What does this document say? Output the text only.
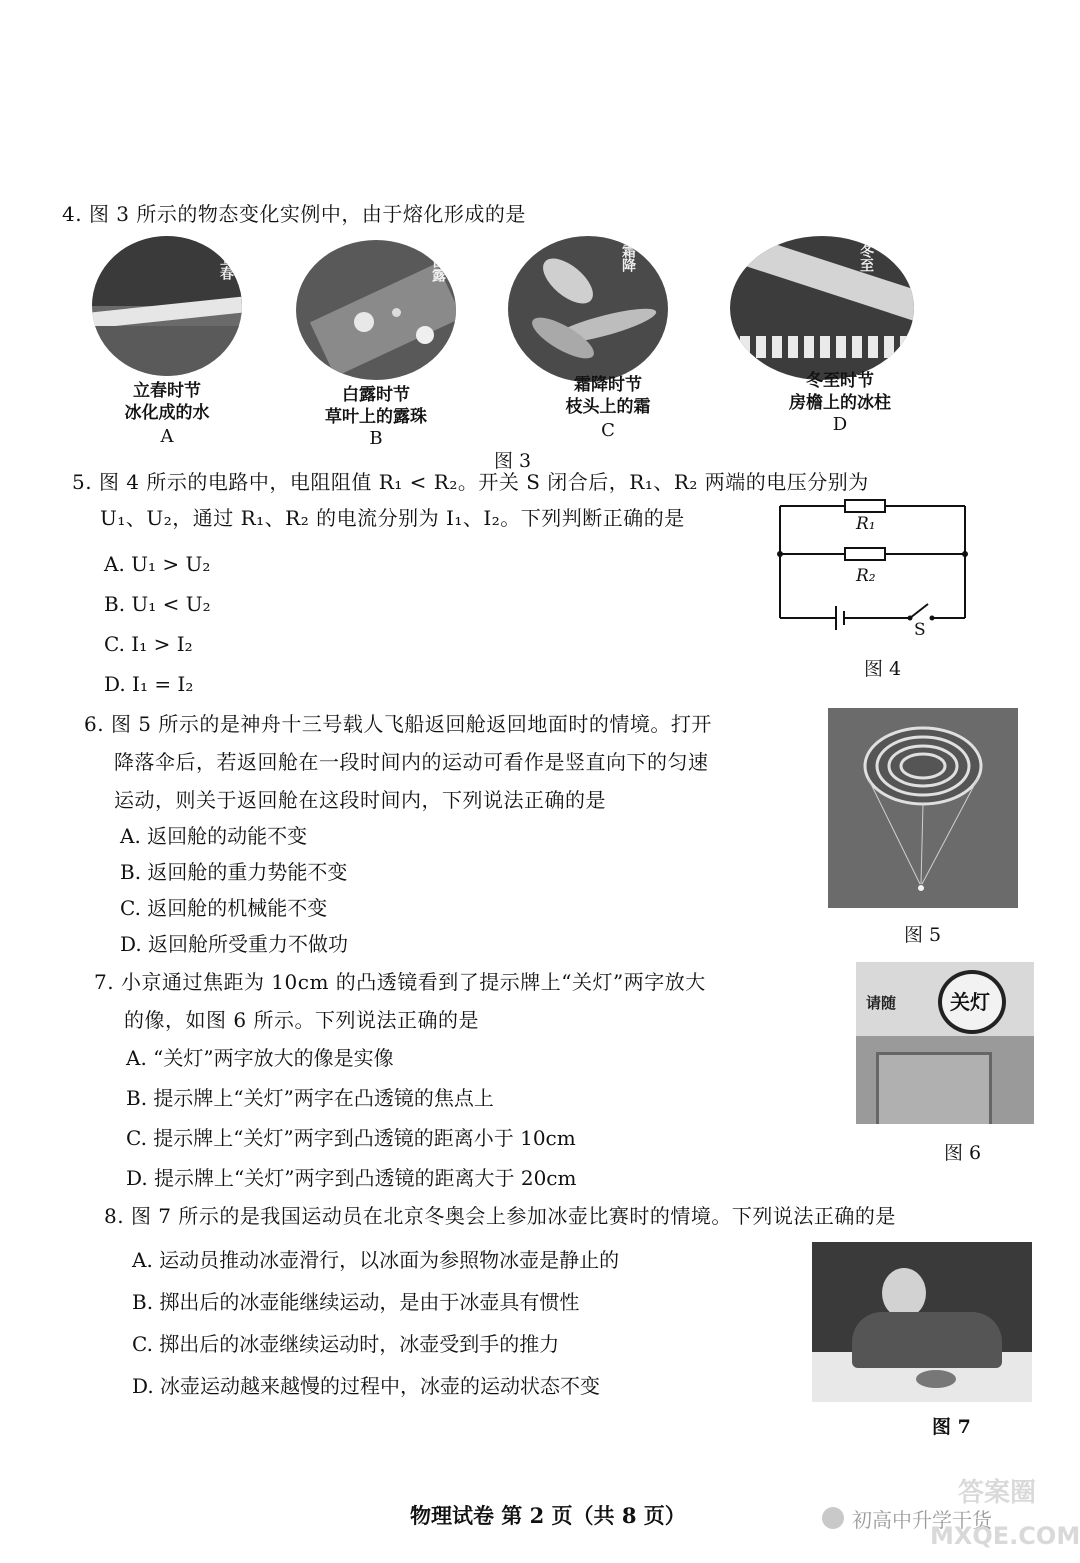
4. 图 3 所示的物态变化实例中，由于熔化形成的是
立春
立春时节
冰化成的水
A
白露
白露时节
草叶上的露珠
B
霜降
霜降时节
枝头上的霜
C
冬至
冬至时节
房檐上的冰柱
D
图 3
5. 图 4 所示的电路中，电阻阻值 R₁ < R₂。开关 S 闭合后，R₁、R₂ 两端的电压分别为
U₁、U₂，通过 R₁、R₂ 的电流分别为 I₁、I₂。下列判断正确的是
A. U₁ > U₂
B. U₁ < U₂
C. I₁ > I₂
D. I₁ = I₂
R₁
R₂
S
图 4
6. 图 5 所示的是神舟十三号载人飞船返回舱返回地面时的情境。打开
降落伞后，若返回舱在一段时间内的运动可看作是竖直向下的匀速
运动，则关于返回舱在这段时间内，下列说法正确的是
A. 返回舱的动能不变
B. 返回舱的重力势能不变
C. 返回舱的机械能不变
D. 返回舱所受重力不做功	图 5
7. 小京通过焦距为 10cm 的凸透镜看到了提示牌上“关灯”两字放大
的像，如图 6 所示。下列说法正确的是
A. “关灯”两字放大的像是实像
B. 提示牌上“关灯”两字在凸透镜的焦点上
C. 提示牌上“关灯”两字到凸透镜的距离小于 10cm
D. 提示牌上“关灯”两字到凸透镜的距离大于 20cm
请随	关灯
图 6
8. 图 7 所示的是我国运动员在北京冬奥会上参加冰壶比赛时的情境。下列说法正确的是
A. 运动员推动冰壶滑行，以冰面为参照物冰壶是静止的
B. 掷出后的冰壶能继续运动，是由于冰壶具有惯性
C. 掷出后的冰壶继续运动时，冰壶受到手的推力
D. 冰壶运动越来越慢的过程中，冰壶的运动状态不变
图 7
物理试卷 第 2 页（共 8 页）
答案圈
初高中升学干货
MXQE.COM
